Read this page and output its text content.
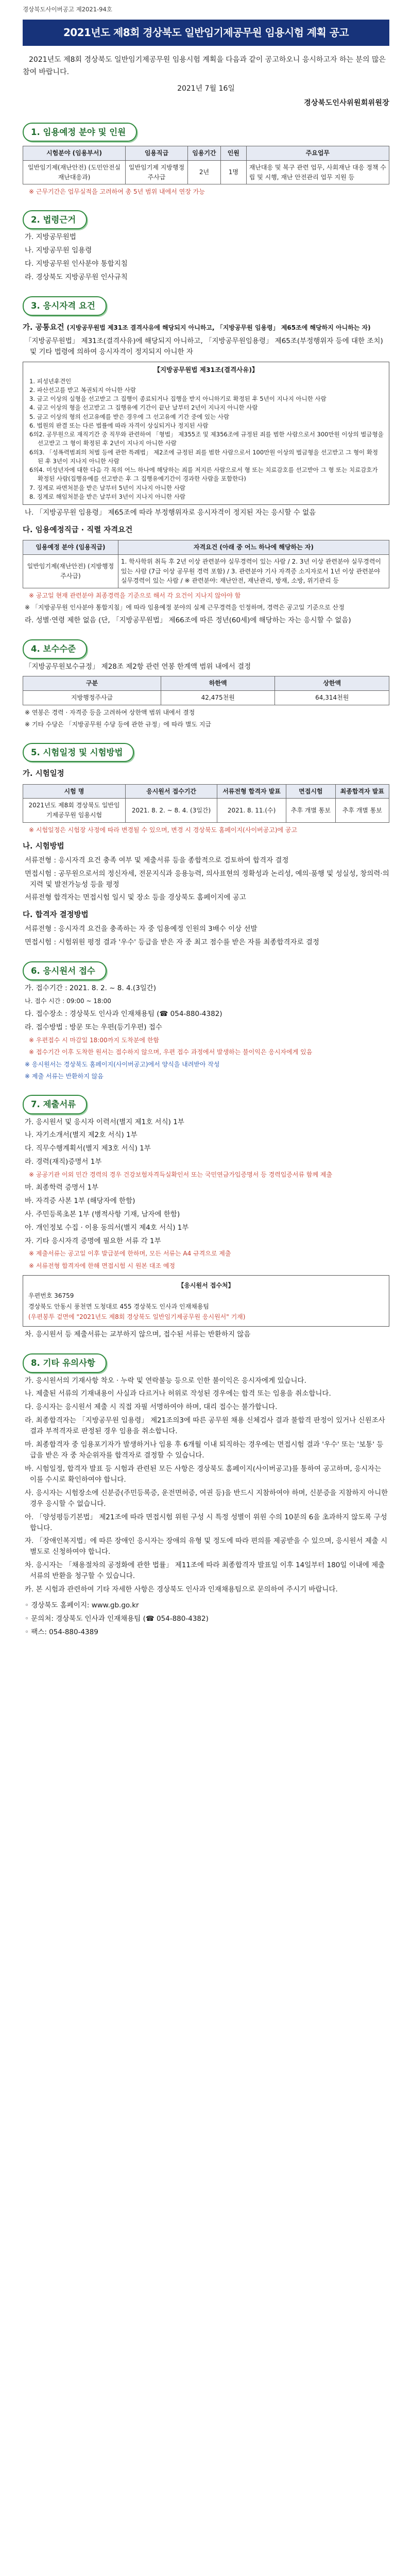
경상북도사이버공고 제2021-94호
2021년도 제8회 경상북도 일반임기제공무원 임용시험 계획 공고

2021년도 제8회 경상북도 일반임기제공무원 임용시험 계획을 다음과 같이 공고하오니 응시하고자 하는 분의 많은 참여 바랍니다.

2021년 7월 16일
경상북도인사위원회위원장
1. 임용예정 분야 및 인원
시험분야 (임용부서)	임용직급	임용기간	인원	주요업무
일반임기제(재난안전) (도민안전실 재난대응과)	일반임기제 지방행정주사급	2년	1명	재난대응 및 복구 관련 업무, 사회재난 대응 정책 수립 및 시행, 재난 안전관리 업무 지원 등

※ 근무기간은 업무실적을 고려하여 총 5년 범위 내에서 연장 가능

2. 법령근거

가. 지방공무원법

나. 지방공무원 임용령

다. 지방공무원 인사분야 통합지침

라. 경상북도 지방공무원 인사규칙

3. 응시자격 요건
가. 공통요건 (지방공무원법 제31조 결격사유에 해당되지 아니하고, 「지방공무원 임용령」 제65조에 해당하지 아니하는 자)

「지방공무원법」 제31조(결격사유)에 해당되지 아니하고, 「지방공무원임용령」 제65조(부정행위자 등에 대한 조치) 및 기타 법령에 의하여 응시자격이 정지되지 아니한 자

【지방공무원법 제31조(결격사유)】

1. 피성년후견인

2. 파산선고를 받고 복권되지 아니한 사람

3. 금고 이상의 실형을 선고받고 그 집행이 종료되거나 집행을 받지 아니하기로 확정된 후 5년이 지나지 아니한 사람

4. 금고 이상의 형을 선고받고 그 집행유예 기간이 끝난 날부터 2년이 지나지 아니한 사람

5. 금고 이상의 형의 선고유예를 받은 경우에 그 선고유예 기간 중에 있는 사람

6. 법원의 판결 또는 다른 법률에 따라 자격이 상실되거나 정지된 사람

6의2. 공무원으로 재직기간 중 직무와 관련하여 「형법」 제355조 및 제356조에 규정된 죄를 범한 사람으로서 300만원 이상의 벌금형을 선고받고 그 형이 확정된 후 2년이 지나지 아니한 사람

6의3. 「성폭력범죄의 처벌 등에 관한 특례법」 제2조에 규정된 죄를 범한 사람으로서 100만원 이상의 벌금형을 선고받고 그 형이 확정된 후 3년이 지나지 아니한 사람

6의4. 미성년자에 대한 다음 각 목의 어느 하나에 해당하는 죄를 저지른 사람으로서 형 또는 치료감호를 선고받아 그 형 또는 치료감호가 확정된 사람(집행유예를 선고받은 후 그 집행유예기간이 경과한 사람을 포함한다)

7. 징계로 파면처분을 받은 날부터 5년이 지나지 아니한 사람

8. 징계로 해임처분을 받은 날부터 3년이 지나지 아니한 사람

나. 「지방공무원 임용령」 제65조에 따라 부정행위자로 응시자격이 정지된 자는 응시할 수 없음

다. 임용예정직급 · 직렬 자격요건
임용예정 분야 (임용직급)	자격요건 (아래 중 어느 하나에 해당하는 자)
일반임기제(재난안전) (지방행정주사급)	1. 학사학위 취득 후 2년 이상 관련분야 실무경력이 있는 사람 / 2. 3년 이상 관련분야 실무경력이 있는 사람 (7급 이상 공무원 경력 포함) / 3. 관련분야 기사 자격증 소지자로서 1년 이상 관련분야 실무경력이 있는 사람 / ※ 관련분야: 재난안전, 재난관리, 방재, 소방, 위기관리 등

※ 공고일 현재 관련분야 최종경력을 기준으로 해서 각 요건이 지나지 않아야 함

※ 「지방공무원 인사분야 통합지침」에 따라 임용예정 분야의 실제 근무경력을 인정하며, 경력은 공고일 기준으로 산정

라. 성별·연령 제한 없음 (단, 「지방공무원법」 제66조에 따른 정년(60세)에 해당하는 자는 응시할 수 없음)

4. 보수수준

「지방공무원보수규정」 제28조 제2항 관련 연봉 한계액 범위 내에서 결정

구분	하한액	상한액
지방행정주사급	42,475천원	64,314천원

※ 연봉은 경력 · 자격증 등을 고려하여 상한액 범위 내에서 결정

※ 기타 수당은 「지방공무원 수당 등에 관한 규정」에 따라 별도 지급

5. 시험일정 및 시험방법
가. 시험일정
시험 명	응시원서 접수기간	서류전형 합격자 발표	면접시험	최종합격자 발표
2021년도 제8회 경상북도 일반임기제공무원 임용시험	2021. 8. 2. ~ 8. 4. (3일간)	2021. 8. 11.(수)	추후 개별 통보	추후 개별 통보

※ 시험일정은 시험장 사정에 따라 변경될 수 있으며, 변경 시 경상북도 홈페이지(사이버공고)에 공고

나. 시험방법

서류전형 : 응시자격 요건 충족 여부 및 제출서류 등을 종합적으로 검토하여 합격자 결정

면접시험 : 공무원으로서의 정신자세, 전문지식과 응용능력, 의사표현의 정확성과 논리성, 예의·품행 및 성실성, 창의력·의지력 및 발전가능성 등을 평정

서류전형 합격자는 면접시험 일시 및 장소 등을 경상북도 홈페이지에 공고

다. 합격자 결정방법

서류전형 : 응시자격 요건을 충족하는 자 중 임용예정 인원의 3배수 이상 선발

면접시험 : 시험위원 평정 결과 '우수' 등급을 받은 자 중 최고 점수를 받은 자를 최종합격자로 결정

6. 응시원서 접수

가. 접수기간 : 2021. 8. 2. ~ 8. 4.(3일간)

나. 접수 시간 : 09:00 ~ 18:00

다. 접수장소 : 경상북도 인사과 인재채용팀 (☎ 054-880-4382)

라. 접수방법 : 방문 또는 우편(등기우편) 접수

※ 우편접수 시 마감일 18:00까지 도착분에 한함

※ 접수기간 이후 도착한 원서는 접수하지 않으며, 우편 접수 과정에서 발생하는 불이익은 응시자에게 있음

※ 응시원서는 경상북도 홈페이지(사이버공고)에서 양식을 내려받아 작성

※ 제출 서류는 반환하지 않음

7. 제출서류

가. 응시원서 및 응시자 이력서(별지 제1호 서식) 1부

나. 자기소개서(별지 제2호 서식) 1부

다. 직무수행계획서(별지 제3호 서식) 1부

라. 경력(재직)증명서 1부

※ 공공기관 이외 민간 경력의 경우 건강보험자격득실확인서 또는 국민연금가입증명서 등 경력입증서류 함께 제출

마. 최종학력 증명서 1부

바. 자격증 사본 1부 (해당자에 한함)

사. 주민등록초본 1부 (병적사항 기재, 남자에 한함)

아. 개인정보 수집 · 이용 동의서(별지 제4호 서식) 1부

자. 기타 응시자격 증명에 필요한 서류 각 1부

※ 제출서류는 공고일 이후 발급분에 한하며, 모든 서류는 A4 규격으로 제출

※ 서류전형 합격자에 한해 면접시험 시 원본 대조 예정

【응시원서 접수처】

우편번호 36759

경상북도 안동시 풍천면 도청대로 455 경상북도 인사과 인재채용팀

(우편봉투 겉면에 "2021년도 제8회 경상북도 일반임기제공무원 응시원서" 기재)

차. 응시원서 등 제출서류는 교부하지 않으며, 접수된 서류는 반환하지 않음

8. 기타 유의사항

가. 응시원서의 기재사항 착오 · 누락 및 연락불능 등으로 인한 불이익은 응시자에게 있습니다.

나. 제출된 서류의 기재내용이 사실과 다르거나 허위로 작성된 경우에는 합격 또는 임용을 취소합니다.

다. 응시자는 응시원서 제출 시 직접 자필 서명하여야 하며, 대리 접수는 불가합니다.

라. 최종합격자는 「지방공무원 임용령」 제21조의3에 따른 공무원 채용 신체검사 결과 불합격 판정이 있거나 신원조사 결과 부적격자로 판정된 경우 임용을 취소합니다.

마. 최종합격자 중 임용포기자가 발생하거나 임용 후 6개월 이내 퇴직하는 경우에는 면접시험 결과 '우수' 또는 '보통' 등급을 받은 자 중 차순위자를 합격자로 결정할 수 있습니다.

바. 시험일정, 합격자 발표 등 시험과 관련된 모든 사항은 경상북도 홈페이지(사이버공고)를 통하여 공고하며, 응시자는 이를 수시로 확인하여야 합니다.

사. 응시자는 시험장소에 신분증(주민등록증, 운전면허증, 여권 등)을 반드시 지참하여야 하며, 신분증을 지참하지 아니한 경우 응시할 수 없습니다.

아. 「양성평등기본법」 제21조에 따라 면접시험 위원 구성 시 특정 성별이 위원 수의 10분의 6을 초과하지 않도록 구성합니다.

자. 「장애인복지법」에 따른 장애인 응시자는 장애의 유형 및 정도에 따라 편의를 제공받을 수 있으며, 응시원서 제출 시 별도로 신청하여야 합니다.

차. 응시자는 「채용절차의 공정화에 관한 법률」 제11조에 따라 최종합격자 발표일 이후 14일부터 180일 이내에 제출서류의 반환을 청구할 수 있습니다.

카. 본 시험과 관련하여 기타 자세한 사항은 경상북도 인사과 인재채용팀으로 문의하여 주시기 바랍니다.

◦ 경상북도 홈페이지: www.gb.go.kr

◦ 문의처: 경상북도 인사과 인재채용팀 (☎ 054-880-4382)

◦ 팩스: 054-880-4389
